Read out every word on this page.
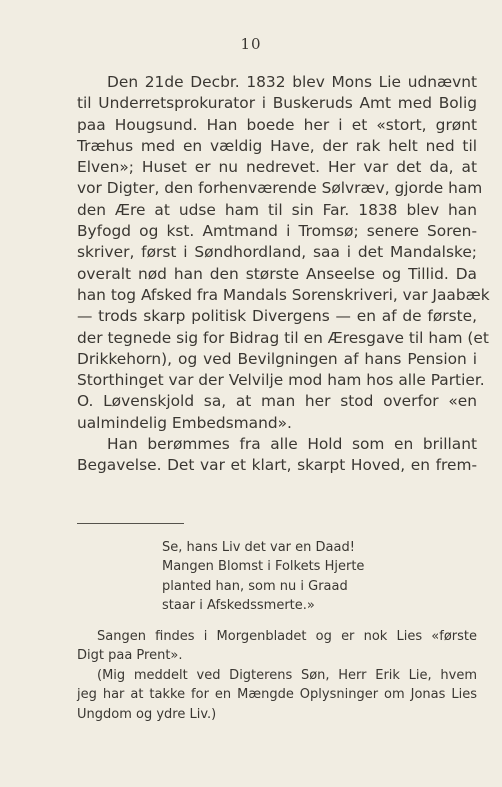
10
Den 21de Decbr. 1832 blev Mons Lie udnævnt
til Underretsprokurator i Buskeruds Amt med Bolig
paa Hougsund. Han boede her i et «stort, grønt
Træhus med en vældig Have, der rak helt ned til
Elven»; Huset er nu nedrevet. Her var det da, at
vor Digter, den forhenværende Sølvræv, gjorde ham
den Ære at udse ham til sin Far. 1838 blev han
Byfogd og kst. Amtmand i Tromsø; senere Soren-
skriver, først i Søndhordland, saa i det Mandalske;
overalt nød han den største Anseelse og Tillid. Da
han tog Afsked fra Mandals Sorenskriveri, var Jaabæk
— trods skarp politisk Divergens — en af de første,
der tegnede sig for Bidrag til en Æresgave til ham (et
Drikkehorn), og ved Bevilgningen af hans Pension i
Storthinget var der Velvilje mod ham hos alle Partier.
O. Løvenskjold sa, at man her stod overfor «en
ualmindelig Embedsmand».
Han berømmes fra alle Hold som en brillant
Begavelse. Det var et klart, skarpt Hoved, en frem-
Se, hans Liv det var en Daad!
Mangen Blomst i Folkets Hjerte
planted han, som nu i Graad
staar i Afskedssmerte.»
Sangen findes i Morgenbladet og er nok Lies «første
Digt paa Prent».
(Mig meddelt ved Digterens Søn, Herr Erik Lie, hvem
jeg har at takke for en Mængde Oplysninger om Jonas Lies
Ungdom og ydre Liv.)
